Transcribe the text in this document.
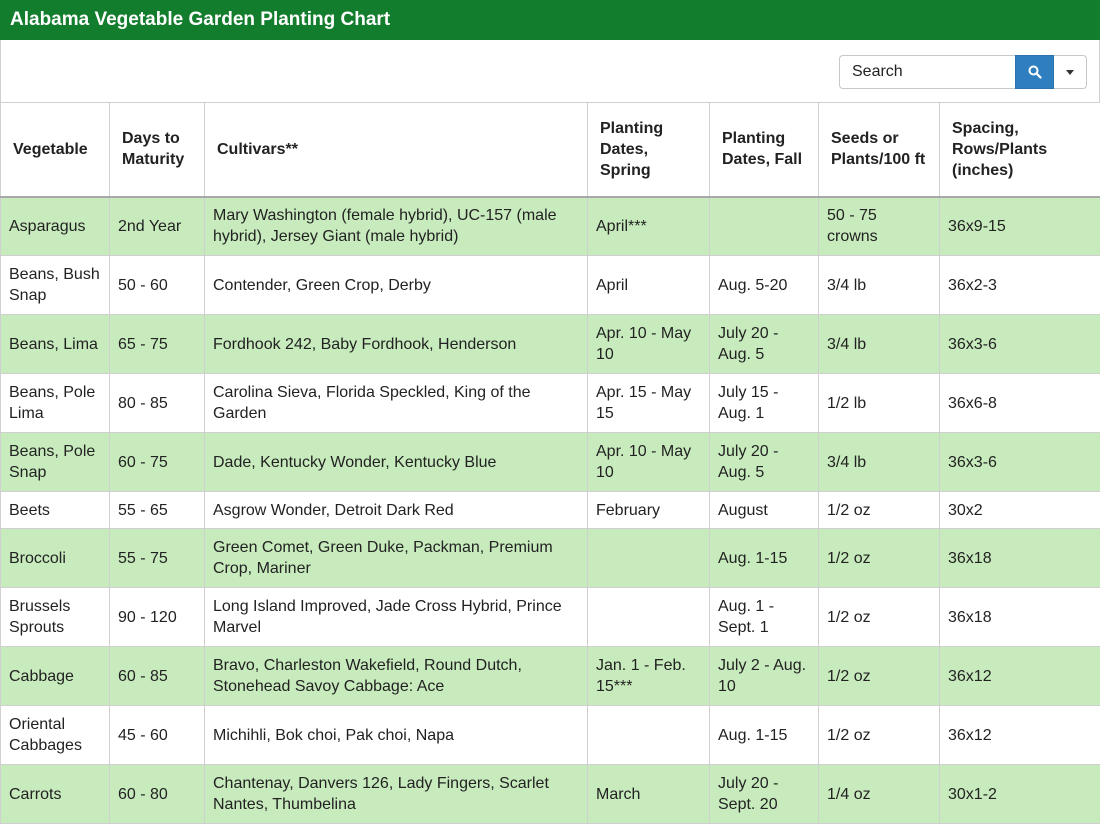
Alabama Vegetable Garden Planting Chart
Search
Vegetable	Days to Maturity	Cultivars**	Planting Dates, Spring	Planting Dates, Fall	Seeds or Plants/100 ft	Spacing, Rows/Plants (inches)
Asparagus	2nd Year	Mary Washington (female hybrid), UC-157 (male hybrid), Jersey Giant (male hybrid)	April***		50 - 75 crowns	36x9-15
Beans, Bush Snap	50 - 60	Contender, Green Crop, Derby	April	Aug. 5-20	3/4 lb	36x2-3
Beans, Lima	65 - 75	Fordhook 242, Baby Fordhook, Henderson	Apr. 10 - May 10	July 20 - Aug. 5	3/4 lb	36x3-6
Beans, Pole Lima	80 - 85	Carolina Sieva, Florida Speckled, King of the Garden	Apr. 15 - May 15	July 15 - Aug. 1	1/2 lb	36x6-8
Beans, Pole Snap	60 - 75	Dade, Kentucky Wonder, Kentucky Blue	Apr. 10 - May 10	July 20 - Aug. 5	3/4 lb	36x3-6
Beets	55 - 65	Asgrow Wonder, Detroit Dark Red	February	August	1/2 oz	30x2
Broccoli	55 - 75	Green Comet, Green Duke, Packman, Premium Crop, Mariner		Aug. 1-15	1/2 oz	36x18
Brussels Sprouts	90 - 120	Long Island Improved, Jade Cross Hybrid, Prince Marvel		Aug. 1 - Sept. 1	1/2 oz	36x18
Cabbage	60 - 85	Bravo, Charleston Wakefield, Round Dutch, Stonehead Savoy Cabbage: Ace	Jan. 1 - Feb. 15***	July 2 - Aug. 10	1/2 oz	36x12
Oriental Cabbages	45 - 60	Michihli, Bok choi, Pak choi, Napa		Aug. 1-15	1/2 oz	36x12
Carrots	60 - 80	Chantenay, Danvers 126, Lady Fingers, Scarlet Nantes, Thumbelina	March	July 20 - Sept. 20	1/4 oz	30x1-2
